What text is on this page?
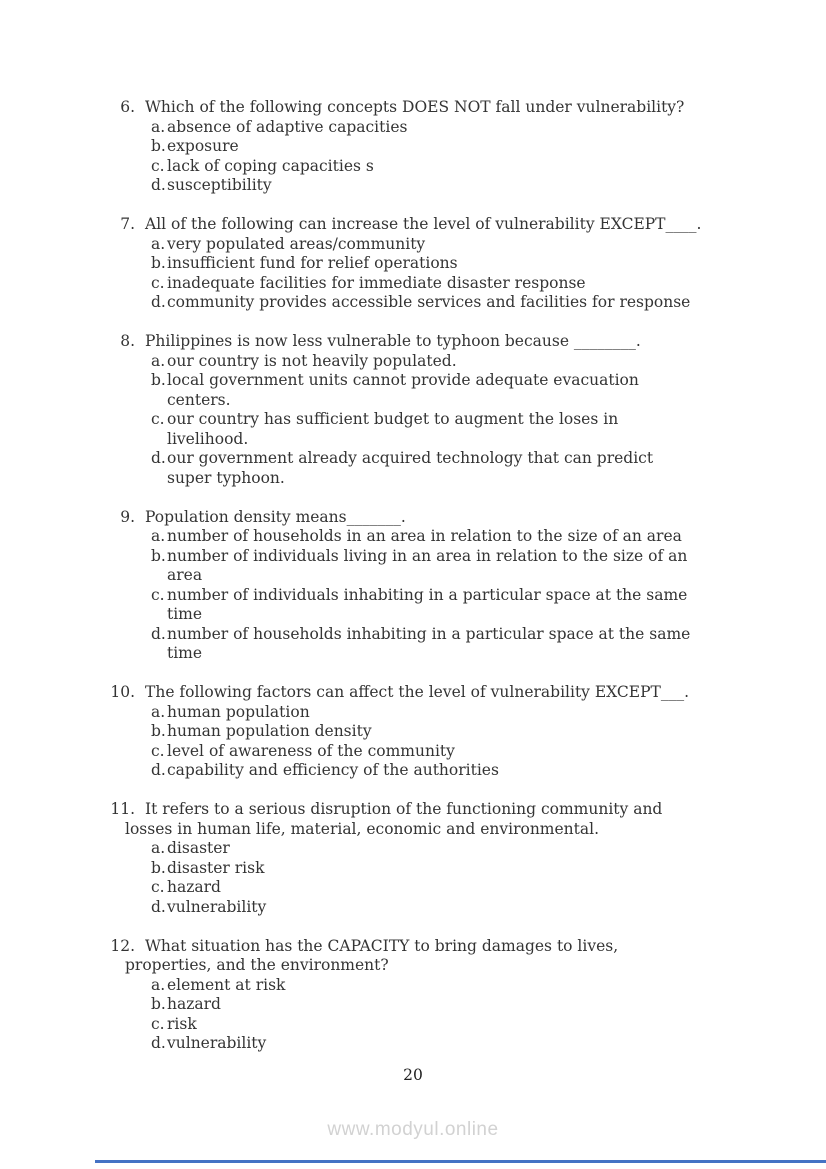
6. Which of the following concepts DOES NOT fall under vulnerability?
a. absence of adaptive capacities
b. exposure
c. lack of coping capacities s
d. susceptibility
7. All of the following can increase the level of vulnerability EXCEPT____.
a. very populated areas/community
b. insufficient fund for relief operations
c. inadequate facilities for immediate disaster response
d. community provides accessible services and facilities for response
8. Philippines is now less vulnerable to typhoon because ________.
a. our country is not heavily populated.
b. local government units cannot provide adequate evacuation
centers.
c. our country has sufficient budget to augment the loses in
livelihood.
d. our government already acquired technology that can predict
super typhoon.
9. Population density means_______.
a. number of households in an area in relation to the size of an area
b. number of individuals living in an area in relation to the size of an
area
c. number of individuals inhabiting in a particular space at the same
time
d. number of households inhabiting in a particular space at the same
time
10. The following factors can affect the level of vulnerability EXCEPT___.
a. human population
b. human population density
c. level of awareness of the community
d. capability and efficiency of the authorities
11. It refers to a serious disruption of the functioning community and
losses in human life, material, economic and environmental.
a. disaster
b. disaster risk
c. hazard
d. vulnerability
12. What situation has the CAPACITY to bring damages to lives,
properties, and the environment?
a. element at risk
b. hazard
c. risk
d. vulnerability
20
www.modyul.online
